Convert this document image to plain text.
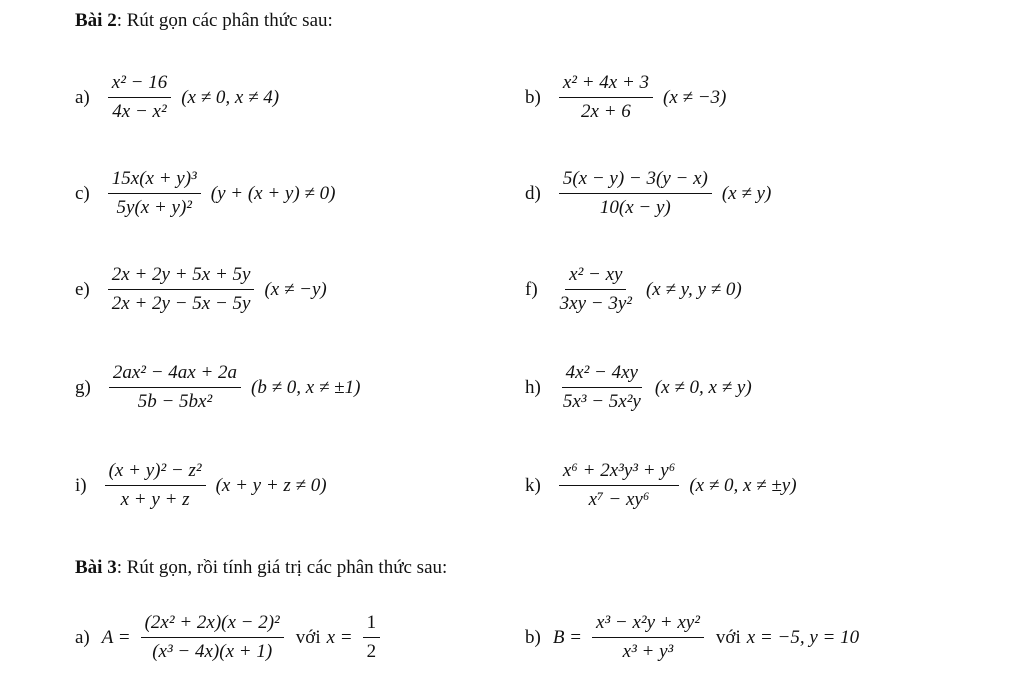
Bài 2: Rút gọn các phân thức sau:
$a) \frac{\text{x² − 16}}{\text{4x − x²}} (x \ne 0$, x ≠ 4)	$b) \frac{\text{x² + 4x + 3}}{2x + 6} (x \ne -3)$
$c) \frac{\text{15x(x + y)³}}{\text{5y(x + y)²}} (y + (x + y) \ne 0)$	$d) \frac{5(x - y) - 3(y - x)}{10(x - y)} (x \ne y)$
$e) \frac{2x + 2y + 5x + 5y}{2x + 2y - 5x - 5y} (x \ne -y)$	$f) \frac{\text{x² − xy}}{\text{3xy − 3y²}} (x \ne y$, y ≠ 0)
$g) \frac{\text{2ax² − 4ax + 2a}}{\text{5b − 5bx²}} (b \ne 0$, x ≠ ±1)	$h) \frac{\text{4x² − 4xy}}{\text{5x³ − 5x²y}} (x \ne 0$, x ≠ y)
$i) \frac{\text{(x + y)² − z²}}{x + y + z} (x + y + z \ne 0)$	$k) \frac{\text{x⁶ + 2x³y³ + y⁶}}{\text{x⁷ − xy⁶}} (x \ne 0$, x ≠ ±y)
Bài 3: Rút gọn, rồi tính giá trị các phân thức sau:
a) $A = \frac{\text{(2x² + 2x)(x − 2)²}}{\text{(x³ − 4x)(x + 1)}}$ với $x = \frac{1}{2}$	b) $B = \frac{\text{x³ − x²y + xy²}}{\text{x³ + y³}}$ với x = −5, y = 10
